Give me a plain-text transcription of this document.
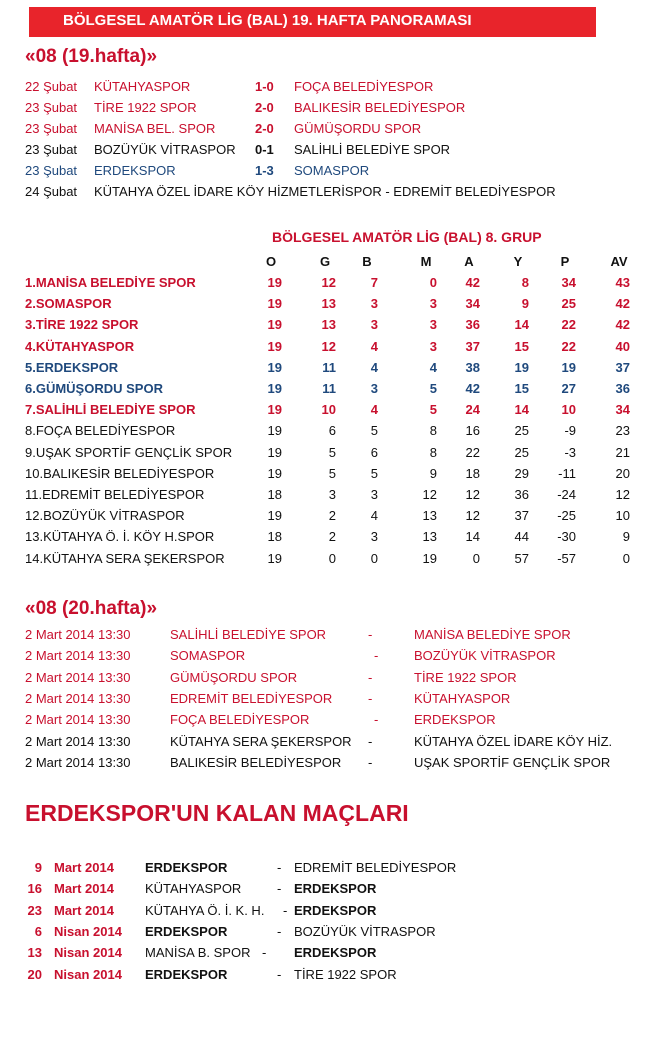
BÖLGESEL AMATÖR LİG (BAL) 19. HAFTA PANORAMASI
«08 (19.hafta)»
22 Şubat KÜTAHYASPOR	1-0 FOÇA BELEDİYESPOR
23 Şubat TİRE 1922 SPOR	2-0 BALIKESİR BELEDİYESPOR
23 Şubat MANİSA BEL. SPOR	2-0 GÜMÜŞORDU SPOR
23 Şubat BOZÜYÜK VİTRASPOR 0-1 SALİHLİ BELEDİYE SPOR
23 Şubat ERDEKSPOR	1-3 SOMASPOR
24 Şubat KÜTAHYA ÖZEL İDARE KÖY HİZMETLERİSPOR - EDREMİT BELEDİYESPOR
BÖLGESEL AMATÖR LİG (BAL) 8. GRUP
O	G	B	M	A	Y	P	AV
1.MANİSA BELEDİYE SPOR	19	12	7	0	42	8	34	43
2.SOMASPOR	19	13	3	3	34	9	25	42
3.TİRE 1922 SPOR	19	13	3	3	36	14	22	42
4.KÜTAHYASPOR	19	12	4	3	37	15	22	40
5.ERDEKSPOR	19	11	4	4	38	19	19	37
6.GÜMÜŞORDU SPOR	19	11	3	5	42	15	27	36
7.SALİHLİ BELEDİYE SPOR	19	10	4	5	24	14	10	34
8.FOÇA BELEDİYESPOR	19	6	5	8	16	25	-9	23
9.UŞAK SPORTİF GENÇLİK SPOR	19	5	6	8	22	25	-3	21
10.BALIKESİR BELEDİYESPOR	19	5	5	9	18	29	-11	20
11.EDREMİT BELEDİYESPOR	18	3	3	12	12	36	-24	12
12.BOZÜYÜK VİTRASPOR	19	2	4	13	12	37	-25	10
13.KÜTAHYA Ö. İ. KÖY H.SPOR	18	2	3	13	14	44	-30	9
14.KÜTAHYA SERA ŞEKERSPOR	19	0	0	19	0	57	-57	0
«08 (20.hafta)»
2 Mart 2014 13:30	SALİHLİ BELEDİYE SPOR	-	MANİSA BELEDİYE SPOR
2 Mart 2014 13:30	SOMASPOR	-	BOZÜYÜK VİTRASPOR
2 Mart 2014 13:30	GÜMÜŞORDU SPOR	-	TİRE 1922 SPOR
2 Mart 2014 13:30	EDREMİT BELEDİYESPOR	-	KÜTAHYASPOR
2 Mart 2014 13:30	FOÇA BELEDİYESPOR	-	ERDEKSPOR
2 Mart 2014 13:30	KÜTAHYA SERA ŞEKERSPOR -	KÜTAHYA ÖZEL İDARE KÖY HİZ.
2 Mart 2014 13:30	BALIKESİR BELEDİYESPOR -	UŞAK SPORTİF GENÇLİK SPOR
ERDEKSPOR'UN KALAN MAÇLARI
9 Mart 2014 ERDEKSPOR	- EDREMİT BELEDİYESPOR
16 Mart 2014 KÜTAHYASPOR	- ERDEKSPOR
23 Mart 2014 KÜTAHYA Ö. İ. K. H. - ERDEKSPOR
6 Nisan 2014 ERDEKSPOR	- BOZÜYÜK VİTRASPOR
13 Nisan 2014 MANİSA B. SPOR - ERDEKSPOR
20 Nisan 2014 ERDEKSPOR	- TİRE 1922 SPOR
